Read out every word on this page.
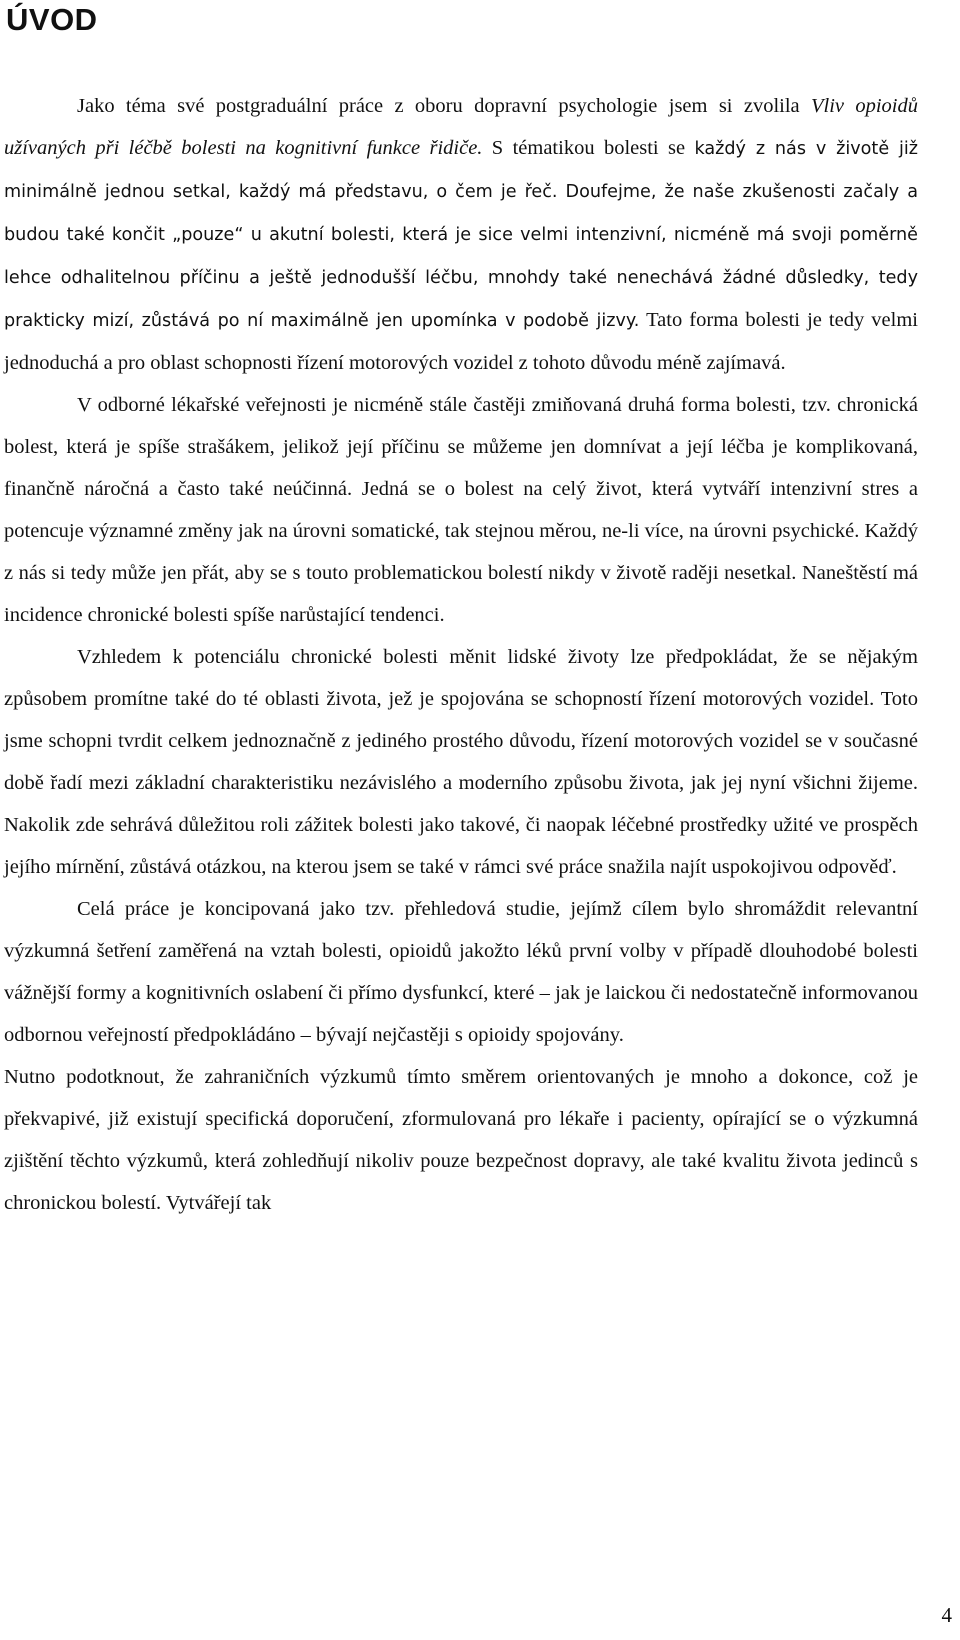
ÚVOD

Jako téma své postgraduální práce z oboru dopravní psychologie jsem si zvolila Vliv opioidů užívaných při léčbě bolesti na kognitivní funkce řidiče. S tématikou bolesti se každý z nás v životě již minimálně jednou setkal, každý má představu, o čem je řeč. Doufejme, že naše zkušenosti začaly a budou také končit „pouze“ u akutní bolesti, která je sice velmi intenzivní, nicméně má svoji poměrně lehce odhalitelnou příčinu a ještě jednodušší léčbu, mnohdy také nenechává žádné důsledky, tedy prakticky mizí, zůstává po ní maximálně jen upomínka v podobě jizvy. Tato forma bolesti je tedy velmi jednoduchá a pro oblast schopnosti řízení motorových vozidel z tohoto důvodu méně zajímavá.

V odborné lékařské veřejnosti je nicméně stále častěji zmiňovaná druhá forma bolesti, tzv. chronická bolest, která je spíše strašákem, jelikož její příčinu se můžeme jen domnívat a její léčba je komplikovaná, finančně náročná a často také neúčinná. Jedná se o bolest na celý život, která vytváří intenzivní stres a potencuje významné změny jak na úrovni somatické, tak stejnou měrou, ne-li více, na úrovni psychické. Každý z nás si tedy může jen přát, aby se s touto problematickou bolestí nikdy v životě raději nesetkal. Naneštěstí má incidence chronické bolesti spíše narůstající tendenci.

Vzhledem k potenciálu chronické bolesti měnit lidské životy lze předpokládat, že se nějakým způsobem promítne také do té oblasti života, jež je spojována se schopností řízení motorových vozidel. Toto jsme schopni tvrdit celkem jednoznačně z jediného prostého důvodu, řízení motorových vozidel se v současné době řadí mezi základní charakteristiku nezávislého a moderního způsobu života, jak jej nyní všichni žijeme. Nakolik zde sehrává důležitou roli zážitek bolesti jako takové, či naopak léčebné prostředky užité ve prospěch jejího mírnění, zůstává otázkou, na kterou jsem se také v rámci své práce snažila najít uspokojivou odpověď.

Celá práce je koncipovaná jako tzv. přehledová studie, jejímž cílem bylo shromáždit relevantní výzkumná šetření zaměřená na vztah bolesti, opioidů jakožto léků první volby v případě dlouhodobé bolesti vážnější formy a kognitivních oslabení či přímo dysfunkcí, které – jak je laickou či nedostatečně informovanou odbornou veřejností předpokládáno – bývají nejčastěji s opioidy spojovány.

Nutno podotknout, že zahraničních výzkumů tímto směrem orientovaných je mnoho a dokonce, což je překvapivé, již existují specifická doporučení, zformulovaná pro lékaře i pacienty, opírající se o výzkumná zjištění těchto výzkumů, která zohledňují nikoliv pouze bezpečnost dopravy, ale také kvalitu života jedinců s chronickou bolestí. Vytvářejí tak

4
